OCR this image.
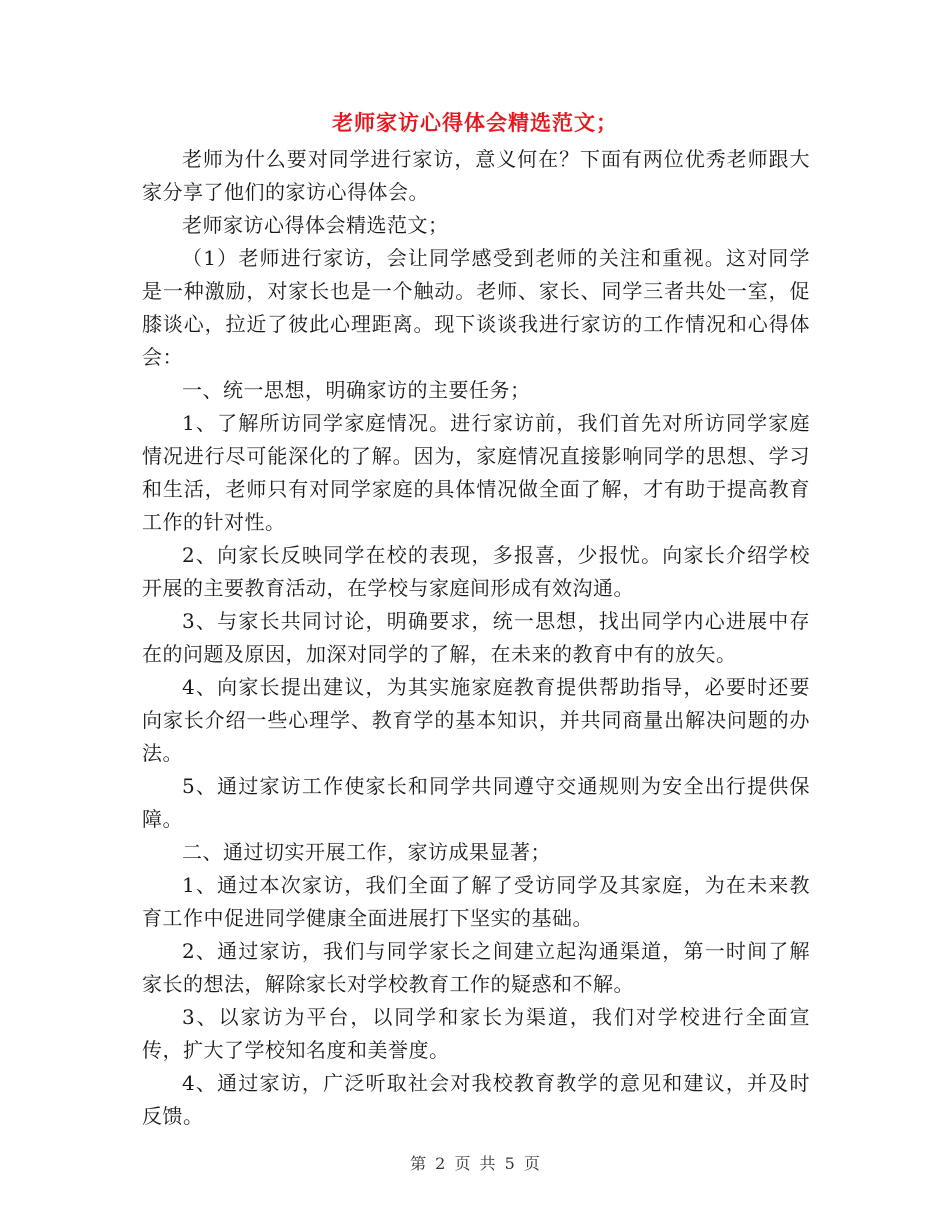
老师家访心得体会精选范文；

老师为什么要对同学进行家访，意义何在？下面有两位优秀老师跟大家分享了他们的家访心得体会。

老师家访心得体会精选范文；

（1）老师进行家访，会让同学感受到老师的关注和重视。这对同学是一种激励，对家长也是一个触动。老师、家长、同学三者共处一室，促膝谈心，拉近了彼此心理距离。现下谈谈我进行家访的工作情况和心得体会：

一、统一思想，明确家访的主要任务；

1、了解所访同学家庭情况。进行家访前，我们首先对所访同学家庭情况进行尽可能深化的了解。因为，家庭情况直接影响同学的思想、学习和生活，老师只有对同学家庭的具体情况做全面了解，才有助于提高教育工作的针对性。

2、向家长反映同学在校的表现，多报喜，少报忧。向家长介绍学校开展的主要教育活动，在学校与家庭间形成有效沟通。

3、与家长共同讨论，明确要求，统一思想，找出同学内心进展中存在的问题及原因，加深对同学的了解，在未来的教育中有的放矢。

4、向家长提出建议，为其实施家庭教育提供帮助指导，必要时还要向家长介绍一些心理学、教育学的基本知识，并共同商量出解决问题的办法。

5、通过家访工作使家长和同学共同遵守交通规则为安全出行提供保障。

二、通过切实开展工作，家访成果显著；

1、通过本次家访，我们全面了解了受访同学及其家庭，为在未来教育工作中促进同学健康全面进展打下坚实的基础。

2、通过家访，我们与同学家长之间建立起沟通渠道，第一时间了解家长的想法，解除家长对学校教育工作的疑惑和不解。

3、以家访为平台，以同学和家长为渠道，我们对学校进行全面宣传，扩大了学校知名度和美誉度。

4、通过家访，广泛听取社会对我校教育教学的意见和建议，并及时反馈。

第 2 页 共 5 页
